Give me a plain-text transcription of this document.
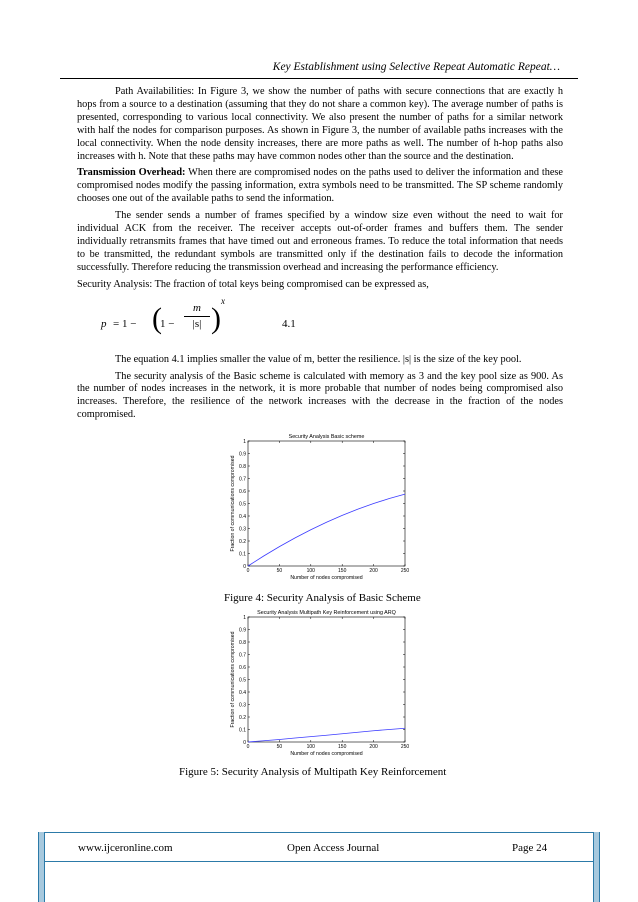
Key Establishment using Selective Repeat Automatic Repeat…

Path Availabilities: In Figure 3, we show the number of paths with secure connections that are exactly h hops from a source to a destination (assuming that they do not share a common key). The average number of paths is presented, corresponding to various local connectivity. We also present the number of paths for a similar network with half the nodes for comparison purposes. As shown in Figure 3, the number of available paths increases with the local connectivity. When the node density increases, there are more paths as well. The number of h-hop paths also increases with h. Note that these paths may have common nodes other than the source and the destination.

Transmission Overhead: When there are compromised nodes on the paths used to deliver the information and these compromised nodes modify the passing information, extra symbols need to be transmitted. The SP scheme randomly chooses one out of the available paths to send the information.

The sender sends a number of frames specified by a window size even without the need to wait for individual ACK from the receiver. The receiver accepts out-of-order frames and buffers them. The sender individually retransmits frames that have timed out and erroneous frames. To reduce the total information that needs to be transmitted, the redundant symbols are transmitted only if the destination fails to decode the information successfully. Therefore reducing the transmission overhead and increasing the performance efficiency.

Security Analysis: The fraction of total keys being compromised can be expressed as,

p = 1 − (
$1 - \frac{m}{|s|}$ )
x
4.1

The equation 4.1 implies smaller the value of m, better the resilience. |s| is the size of the key pool.

The security analysis of the Basic scheme is calculated with memory as 3 and the key pool size as 900. As the number of nodes increases in the network, it is more probable that number of nodes being compromised also increases. Therefore, the resilience of the network increases with the decrease in the fraction of the nodes compromised.

Security Analysis Basic scheme
0	50	100	150	200	250
0
0.1
0.2
0.3
0.4
0.5
0.6
0.7
0.8
0.9
1
Number of nodes compromised
Fraction of communications compromised
Figure 4: Security Analysis of Basic Scheme
Security Analysis Multipath Key Reinforcement using ARQ
0	50	100	150	200	250
0
0.1
0.2
0.3
0.4
0.5
0.6
0.7
0.8
0.9
1
Number of nodes compromised
Fraction of communications compromised
Figure 5: Security Analysis of Multipath Key Reinforcement
www.ijceronline.com	Open Access Journal	Page 24
